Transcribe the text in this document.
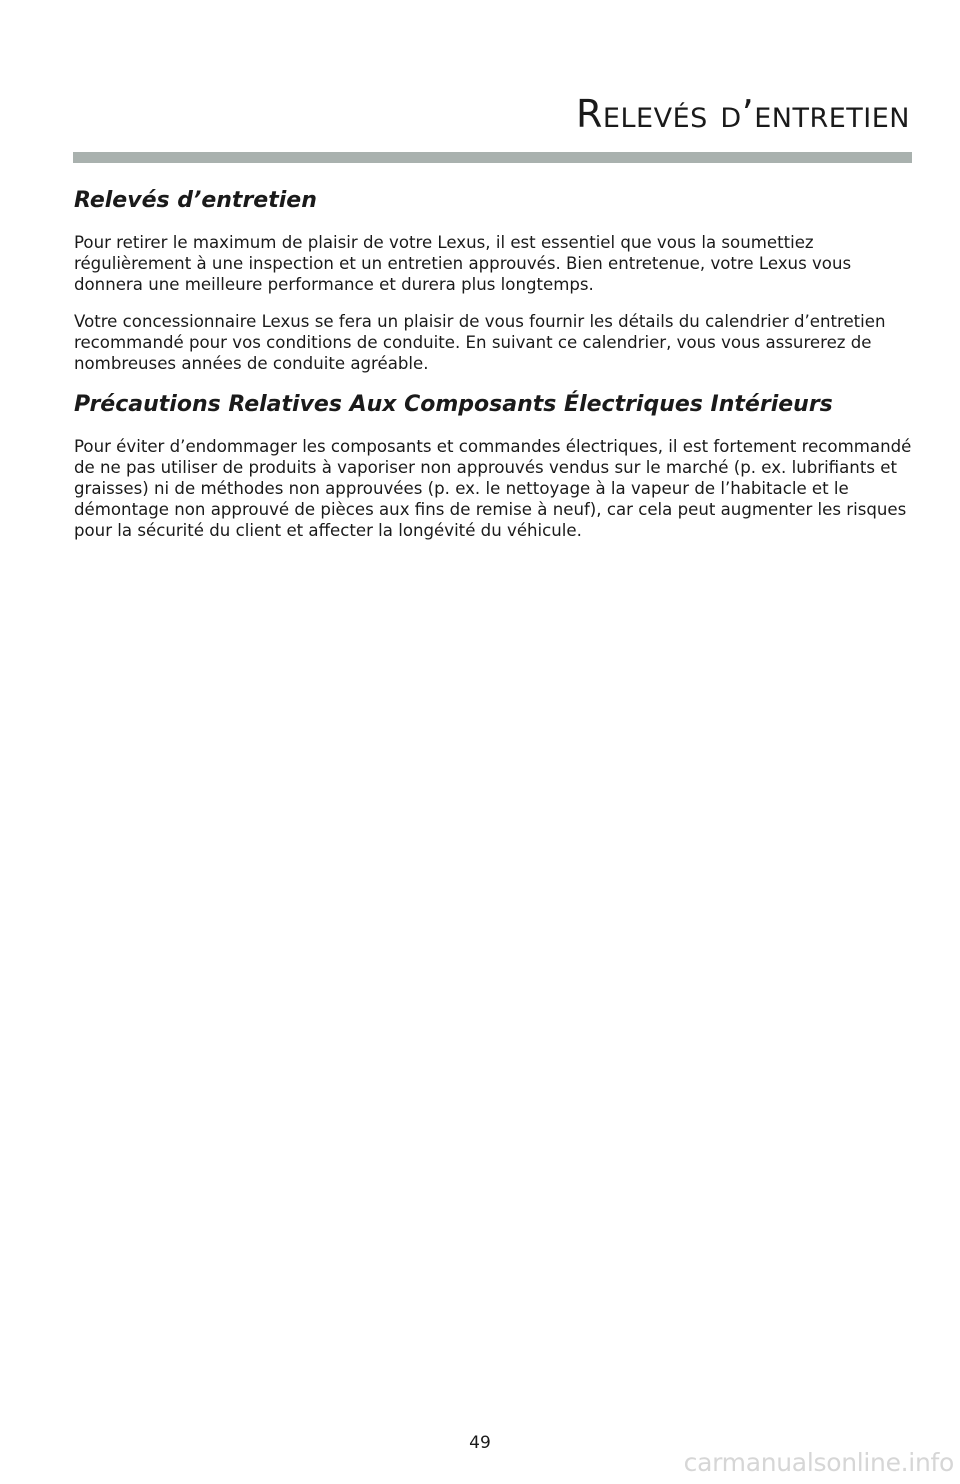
Relevés d’entretien
Relevés d’entretien

Pour retirer le maximum de plaisir de votre Lexus, il est essentiel que vous la soumettiez régulièrement à une inspection et un entretien approuvés. Bien entretenue, votre Lexus vous donnera une meilleure performance et durera plus longtemps.

Votre concessionnaire Lexus se fera un plaisir de vous fournir les détails du calendrier d’entretien recommandé pour vos conditions de conduite. En suivant ce calendrier, vous vous assurerez de nombreuses années de conduite agréable.

Précautions Relatives Aux Composants Électriques Intérieurs

Pour éviter d’endommager les composants et commandes électriques, il est fortement recommandé de ne pas utiliser de produits à vaporiser non approuvés vendus sur le marché (p. ex. lubrifiants et graisses) ni de méthodes non approuvées (p. ex. le nettoyage à la vapeur de l’habitacle et le démontage non approuvé de pièces aux fins de remise à neuf), car cela peut augmenter les risques pour la sécurité du client et affecter la longévité du véhicule.

49
carmanualsonline.info
